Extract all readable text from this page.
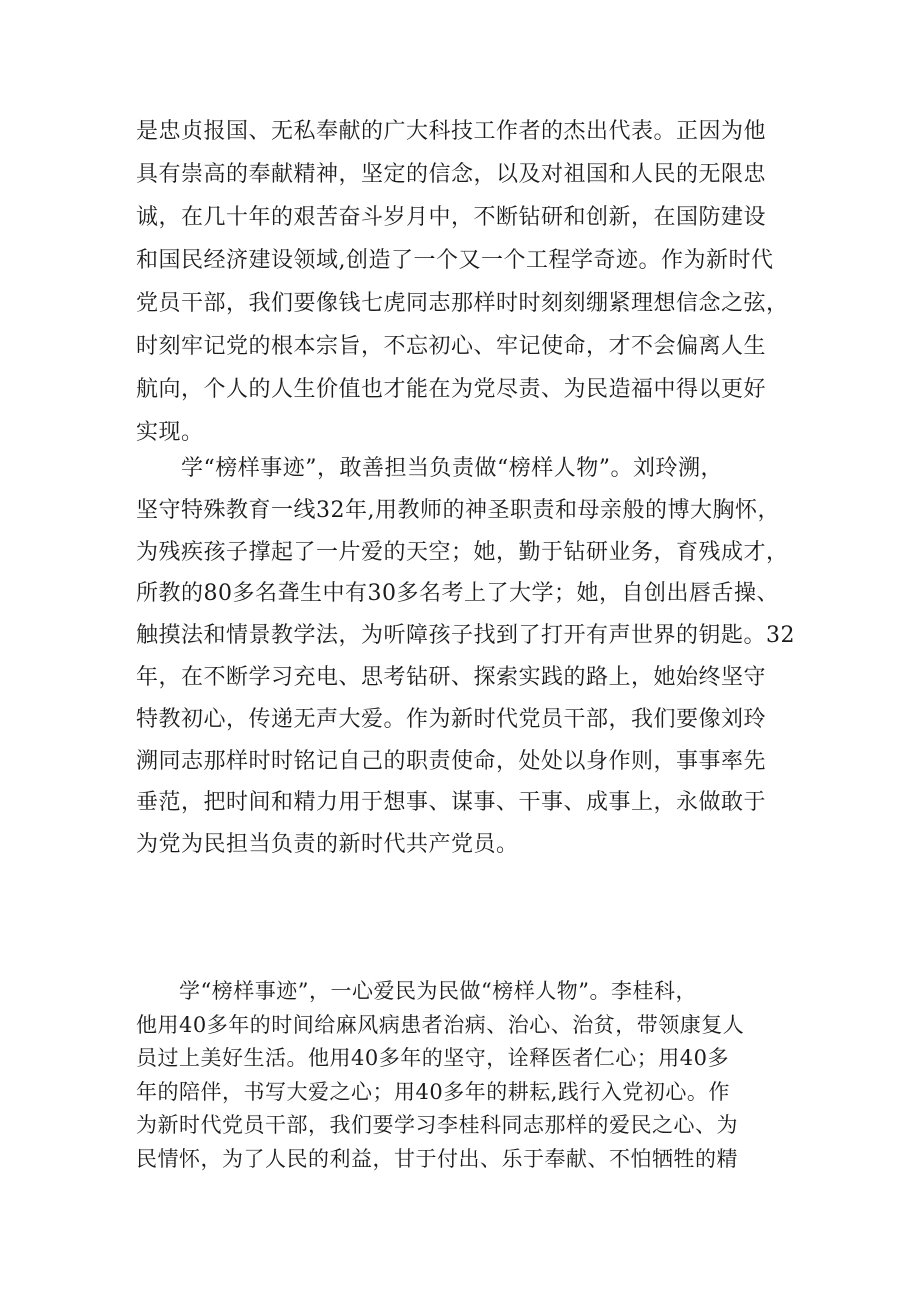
是忠贞报国、无私奉献的广大科技工作者的杰出代表。正因为他
具有崇高的奉献精神，坚定的信念，以及对祖国和人民的无限忠
诚，在几十年的艰苦奋斗岁月中，不断钻研和创新，在国防建设
和国民经济建设领域,创造了一个又一个工程学奇迹。作为新时代
党员干部，我们要像钱七虎同志那样时时刻刻绷紧理想信念之弦，
时刻牢记党的根本宗旨，不忘初心、牢记使命，才不会偏离人生
航向，个人的人生价值也才能在为党尽责、为民造福中得以更好
实现。
　　学“榜样事迹”，敢善担当负责做“榜样人物”。刘玲溯，
坚守特殊教育一线32年,用教师的神圣职责和母亲般的博大胸怀，
为残疾孩子撑起了一片爱的天空；她，勤于钻研业务，育残成才，
所教的80多名聋生中有30多名考上了大学；她，自创出唇舌操、
触摸法和情景教学法，为听障孩子找到了打开有声世界的钥匙。32
年，在不断学习充电、思考钻研、探索实践的路上，她始终坚守
特教初心，传递无声大爱。作为新时代党员干部，我们要像刘玲
溯同志那样时时铭记自己的职责使命，处处以身作则，事事率先
垂范，把时间和精力用于想事、谋事、干事、成事上，永做敢于
为党为民担当负责的新时代共产党员。
　　学“榜样事迹”，一心爱民为民做“榜样人物”。李桂科，
他用40多年的时间给麻风病患者治病、治心、治贫，带领康复人
员过上美好生活。他用40多年的坚守，诠释医者仁心；用40多
年的陪伴，书写大爱之心；用40多年的耕耘,践行入党初心。作
为新时代党员干部，我们要学习李桂科同志那样的爱民之心、为
民情怀，为了人民的利益，甘于付出、乐于奉献、不怕牺牲的精
